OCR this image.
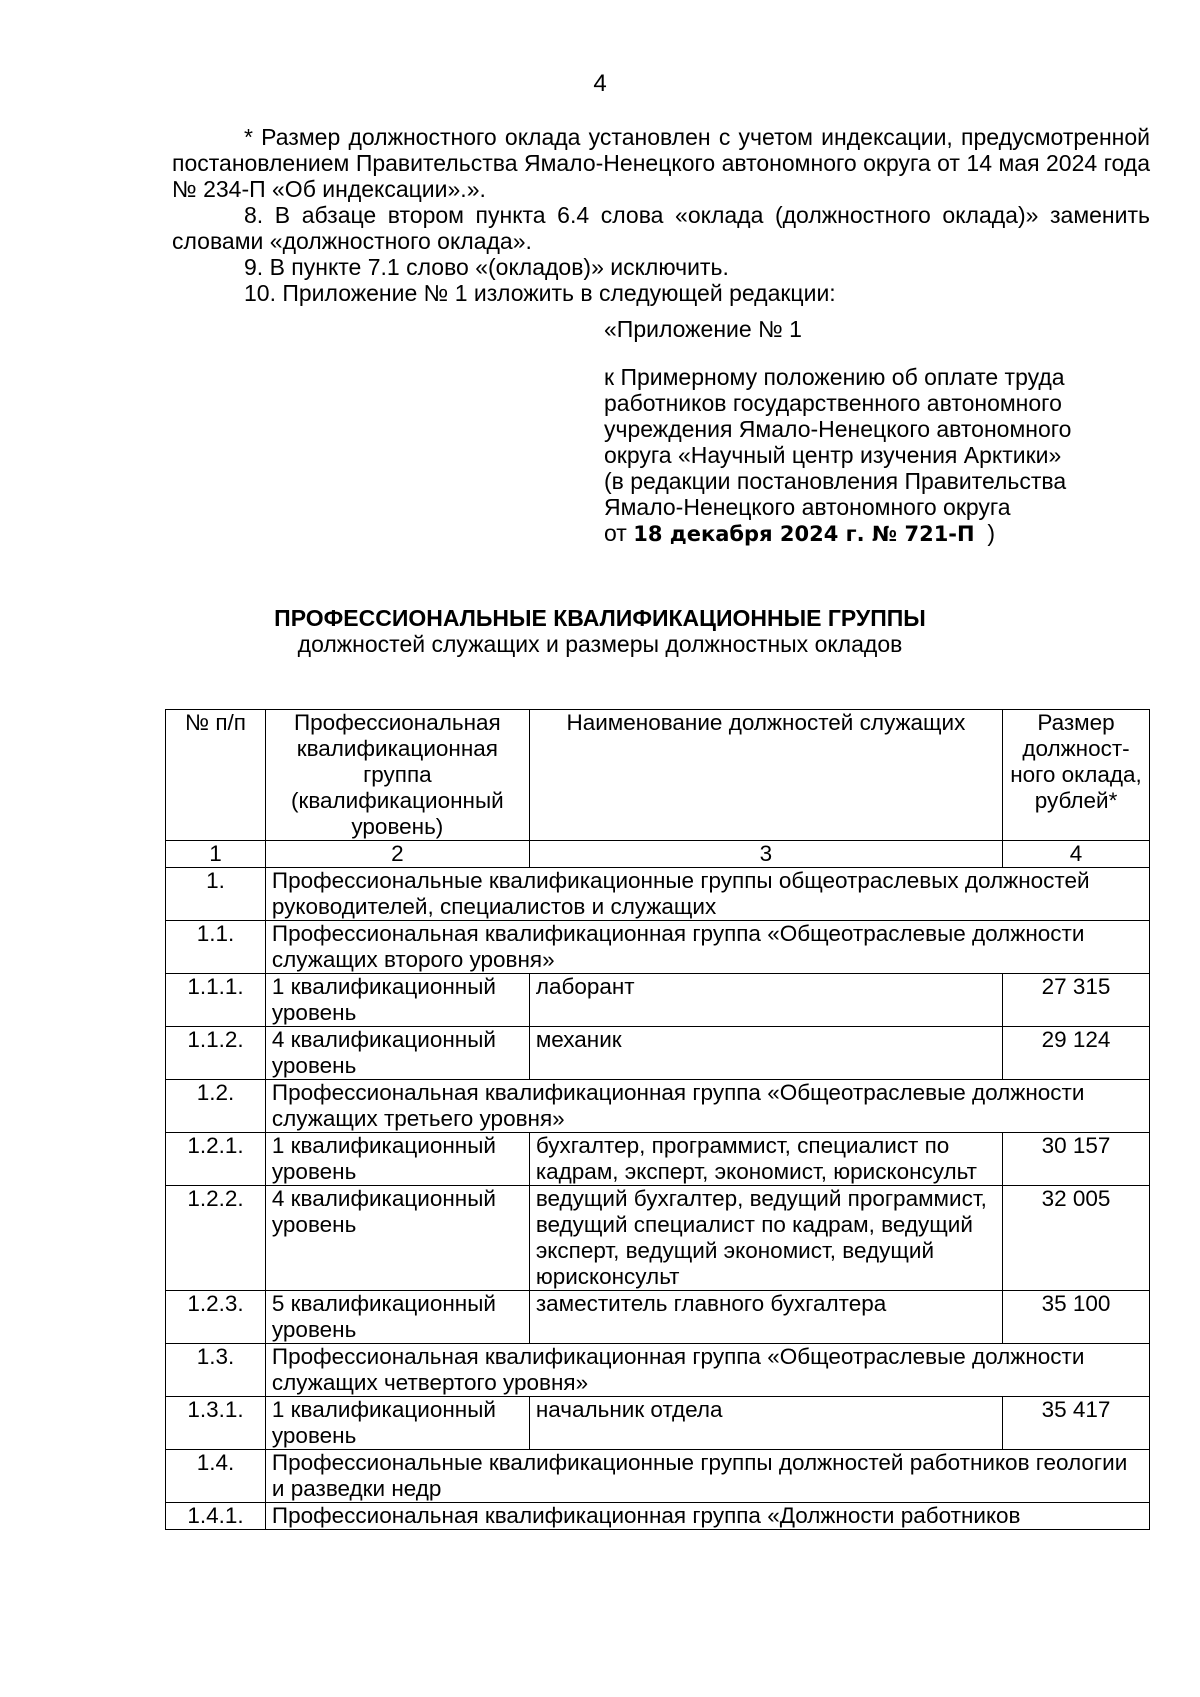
4
* Размер должностного оклада установлен с учетом индексации, предусмотренной постановлением Правительства Ямало-Ненецкого автономного округа от 14 мая 2024 года № 234-П «Об индексации».».
8. В абзаце втором пункта 6.4 слова «оклада (должностного оклада)» заменить словами «должностного оклада».
9. В пункте 7.1 слово «(окладов)» исключить.
10. Приложение № 1 изложить в следующей редакции:
«Приложение № 1
к Примерному положению об оплате труда
работников государственного автономного
учреждения Ямало-Ненецкого автономного
округа «Научный центр изучения Арктики»
(в редакции постановления Правительства
Ямало-Ненецкого автономного округа
от 18 декабря 2024 г. № 721-П )
ПРОФЕССИОНАЛЬНЫЕ КВАЛИФИКАЦИОННЫЕ ГРУППЫ
должностей служащих и размеры должностных окладов
№ п/п	Профессиональная квалификационная группа (квалификационный уровень)	Наименование должностей служащих	Размер должност-ного оклада, рублей*
1	2	3	4
1.	Профессиональные квалификационные группы общеотраслевых должностей руководителей, специалистов и служащих		
1.1.	Профессиональная квалификационная группа «Общеотраслевые должности служащих второго уровня»		
1.1.1.	1 квалификационный уровень	лаборант	27 315
1.1.2.	4 квалификационный уровень	механик	29 124
1.2.	Профессиональная квалификационная группа «Общеотраслевые должности служащих третьего уровня»		
1.2.1.	1 квалификационный уровень	бухгалтер, программист, специалист по кадрам, эксперт, экономист, юрисконсульт	30 157
1.2.2.	4 квалификационный уровень	ведущий бухгалтер, ведущий программист, ведущий специалист по кадрам, ведущий эксперт, ведущий экономист, ведущий юрисконсульт	32 005
1.2.3.	5 квалификационный уровень	заместитель главного бухгалтера	35 100
1.3.	Профессиональная квалификационная группа «Общеотраслевые должности служащих четвертого уровня»		
1.3.1.	1 квалификационный уровень	начальник отдела	35 417
1.4.	Профессиональные квалификационные группы должностей работников геологии и разведки недр		
1.4.1.	Профессиональная квалификационная группа «Должности работников		
